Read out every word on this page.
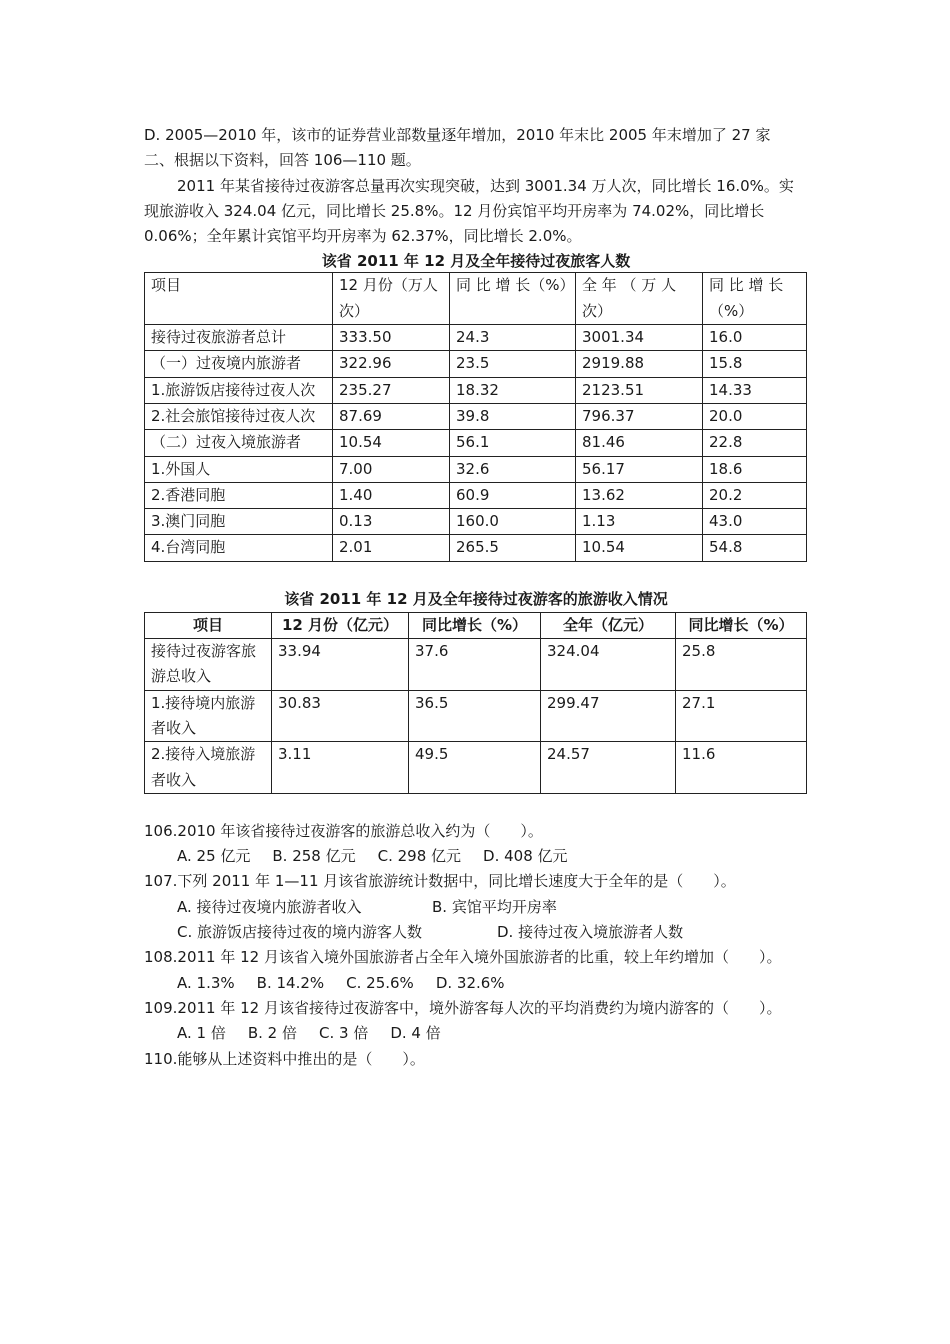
D. 2005—2010 年，该市的证券营业部数量逐年增加，2010 年末比 2005 年末增加了 27 家
二、根据以下资料，回答 106—110 题。
2011 年某省接待过夜游客总量再次实现突破，达到 3001.34 万人次，同比增长 16.0%。实现旅游收入 324.04 亿元，同比增长 25.8%。12 月份宾馆平均开房率为 74.02%，同比增长 0.06%；全年累计宾馆平均开房率为 62.37%，同比增长 2.0%。
该省 2011 年 12 月及全年接待过夜旅客人数
项目	12 月份（万人次）	同 比 增 长（%）	全 年 （ 万 人 次）	同 比 增 长（%）
接待过夜旅游者总计	333.50	24.3	3001.34	16.0
（一）过夜境内旅游者	322.96	23.5	2919.88	15.8
1.旅游饭店接待过夜人次	235.27	18.32	2123.51	14.33
2.社会旅馆接待过夜人次	87.69	39.8	796.37	20.0
（二）过夜入境旅游者	10.54	56.1	81.46	22.8
1.外国人	7.00	32.6	56.17	18.6
2.香港同胞	1.40	60.9	13.62	20.2
3.澳门同胞	0.13	160.0	1.13	43.0
4.台湾同胞	2.01	265.5	10.54	54.8
该省 2011 年 12 月及全年接待过夜游客的旅游收入情况
项目	12 月份（亿元）	同比增长（%）	全年（亿元）	同比增长（%）
接待过夜游客旅游总收入	33.94	37.6	324.04	25.8
1.接待境内旅游者收入	30.83	36.5	299.47	27.1
2.接待入境旅游者收入	3.11	49.5	24.57	11.6
106.2010 年该省接待过夜游客的旅游总收入约为（　　）。
A. 25 亿元 B. 258 亿元 C. 298 亿元 D. 408 亿元
107.下列 2011 年 1—11 月该省旅游统计数据中，同比增长速度大于全年的是（　　）。
A. 接待过夜境内旅游者收入	B. 宾馆平均开房率
C. 旅游饭店接待过夜的境内游客人数	D. 接待过夜入境旅游者人数
108.2011 年 12 月该省入境外国旅游者占全年入境外国旅游者的比重，较上年约增加（　　）。
A. 1.3% B. 14.2% C. 25.6% D. 32.6%
109.2011 年 12 月该省接待过夜游客中，境外游客每人次的平均消费约为境内游客的（　　）。
A. 1 倍 B. 2 倍 C. 3 倍 D. 4 倍
110.能够从上述资料中推出的是（　　）。
